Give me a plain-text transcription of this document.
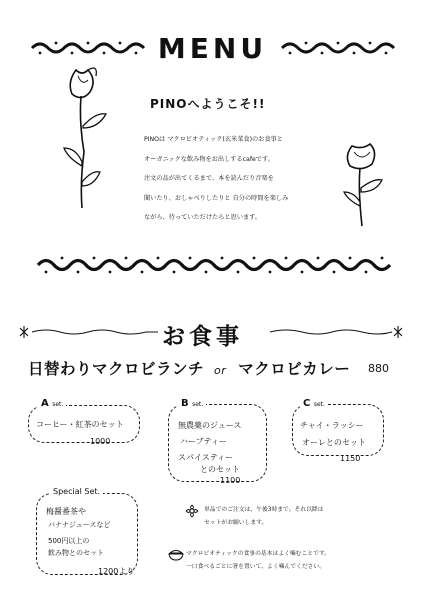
MENU
PINOへようこそ!!
PINOは マクロビオティック(玄米菜食)のお食事と
オーガニックな飲み物をお出しするcafeです。
注文の品が出てくるまで、本を読んだり音楽を
聞いたり、おしゃべりしたりと 自分の時間を楽しみ
ながら、待っていただけたらと思います。
お食事
日替わりマクロビランチ or マクロビカレー 880
A set.
コーヒー・紅茶のセット
1000
B set.
無農薬のジュース
ハーブティー
スパイスティー
とのセット
1100
C set.
チャイ・ラッシー
オーレとのセット
1150
Special Set.
梅醤番茶や
バナナジュースなど
500円以上の
飲み物とのセット
1200より
単品でのご注文は、午後3時まで。それ以降は
セットがお願いします。
マクロビオティックの食事の基本はよく噛むことです。
一口食べるごとに箸を置いて、よく噛んでください。
